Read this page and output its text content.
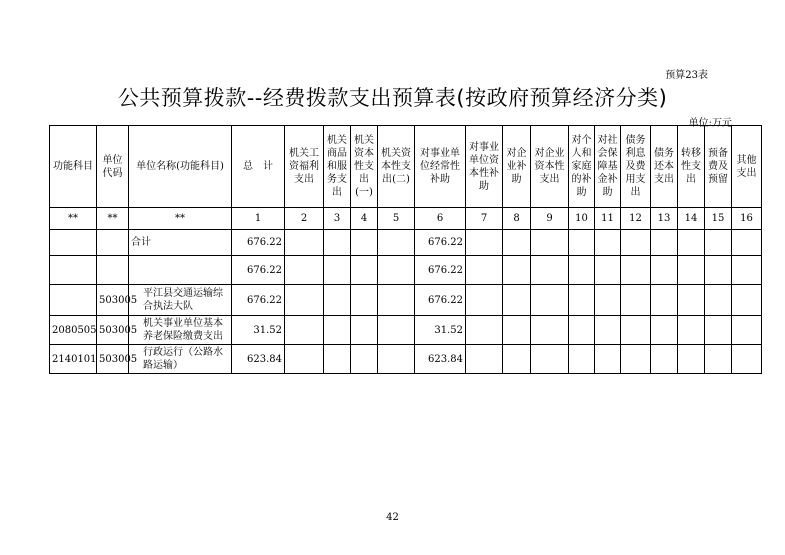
预算23表
公共预算拨款--经费拨款支出预算表(按政府预算经济分类)
单位:万元
功能科目	单位代码	单位名称(功能科目)	总　计	机关工资福利支出	机关商品和服务支出	机关资本性支出(一)	机关资本性支出(二)	对事业单位经常性补助	对事业单位资本性补助	对企业补助	对企业资本性支出	对个人和家庭的补助	对社会保障基金补助	债务利息及费用支出	债务还本支出	转移性支出	预备费及预留	其他支出
**	**	**	1	2	3	4	5	6	7	8	9	10	11	12	13	14	15	16
		合计	676.22					676.22										
			676.22					676.22										
	503005	平江县交通运输综合执法大队	676.22					676.22										
2080505	503005	机关事业单位基本养老保险缴费支出	31.52					31.52										
2140101	503005	行政运行（公路水路运输）	623.84					623.84										
42
